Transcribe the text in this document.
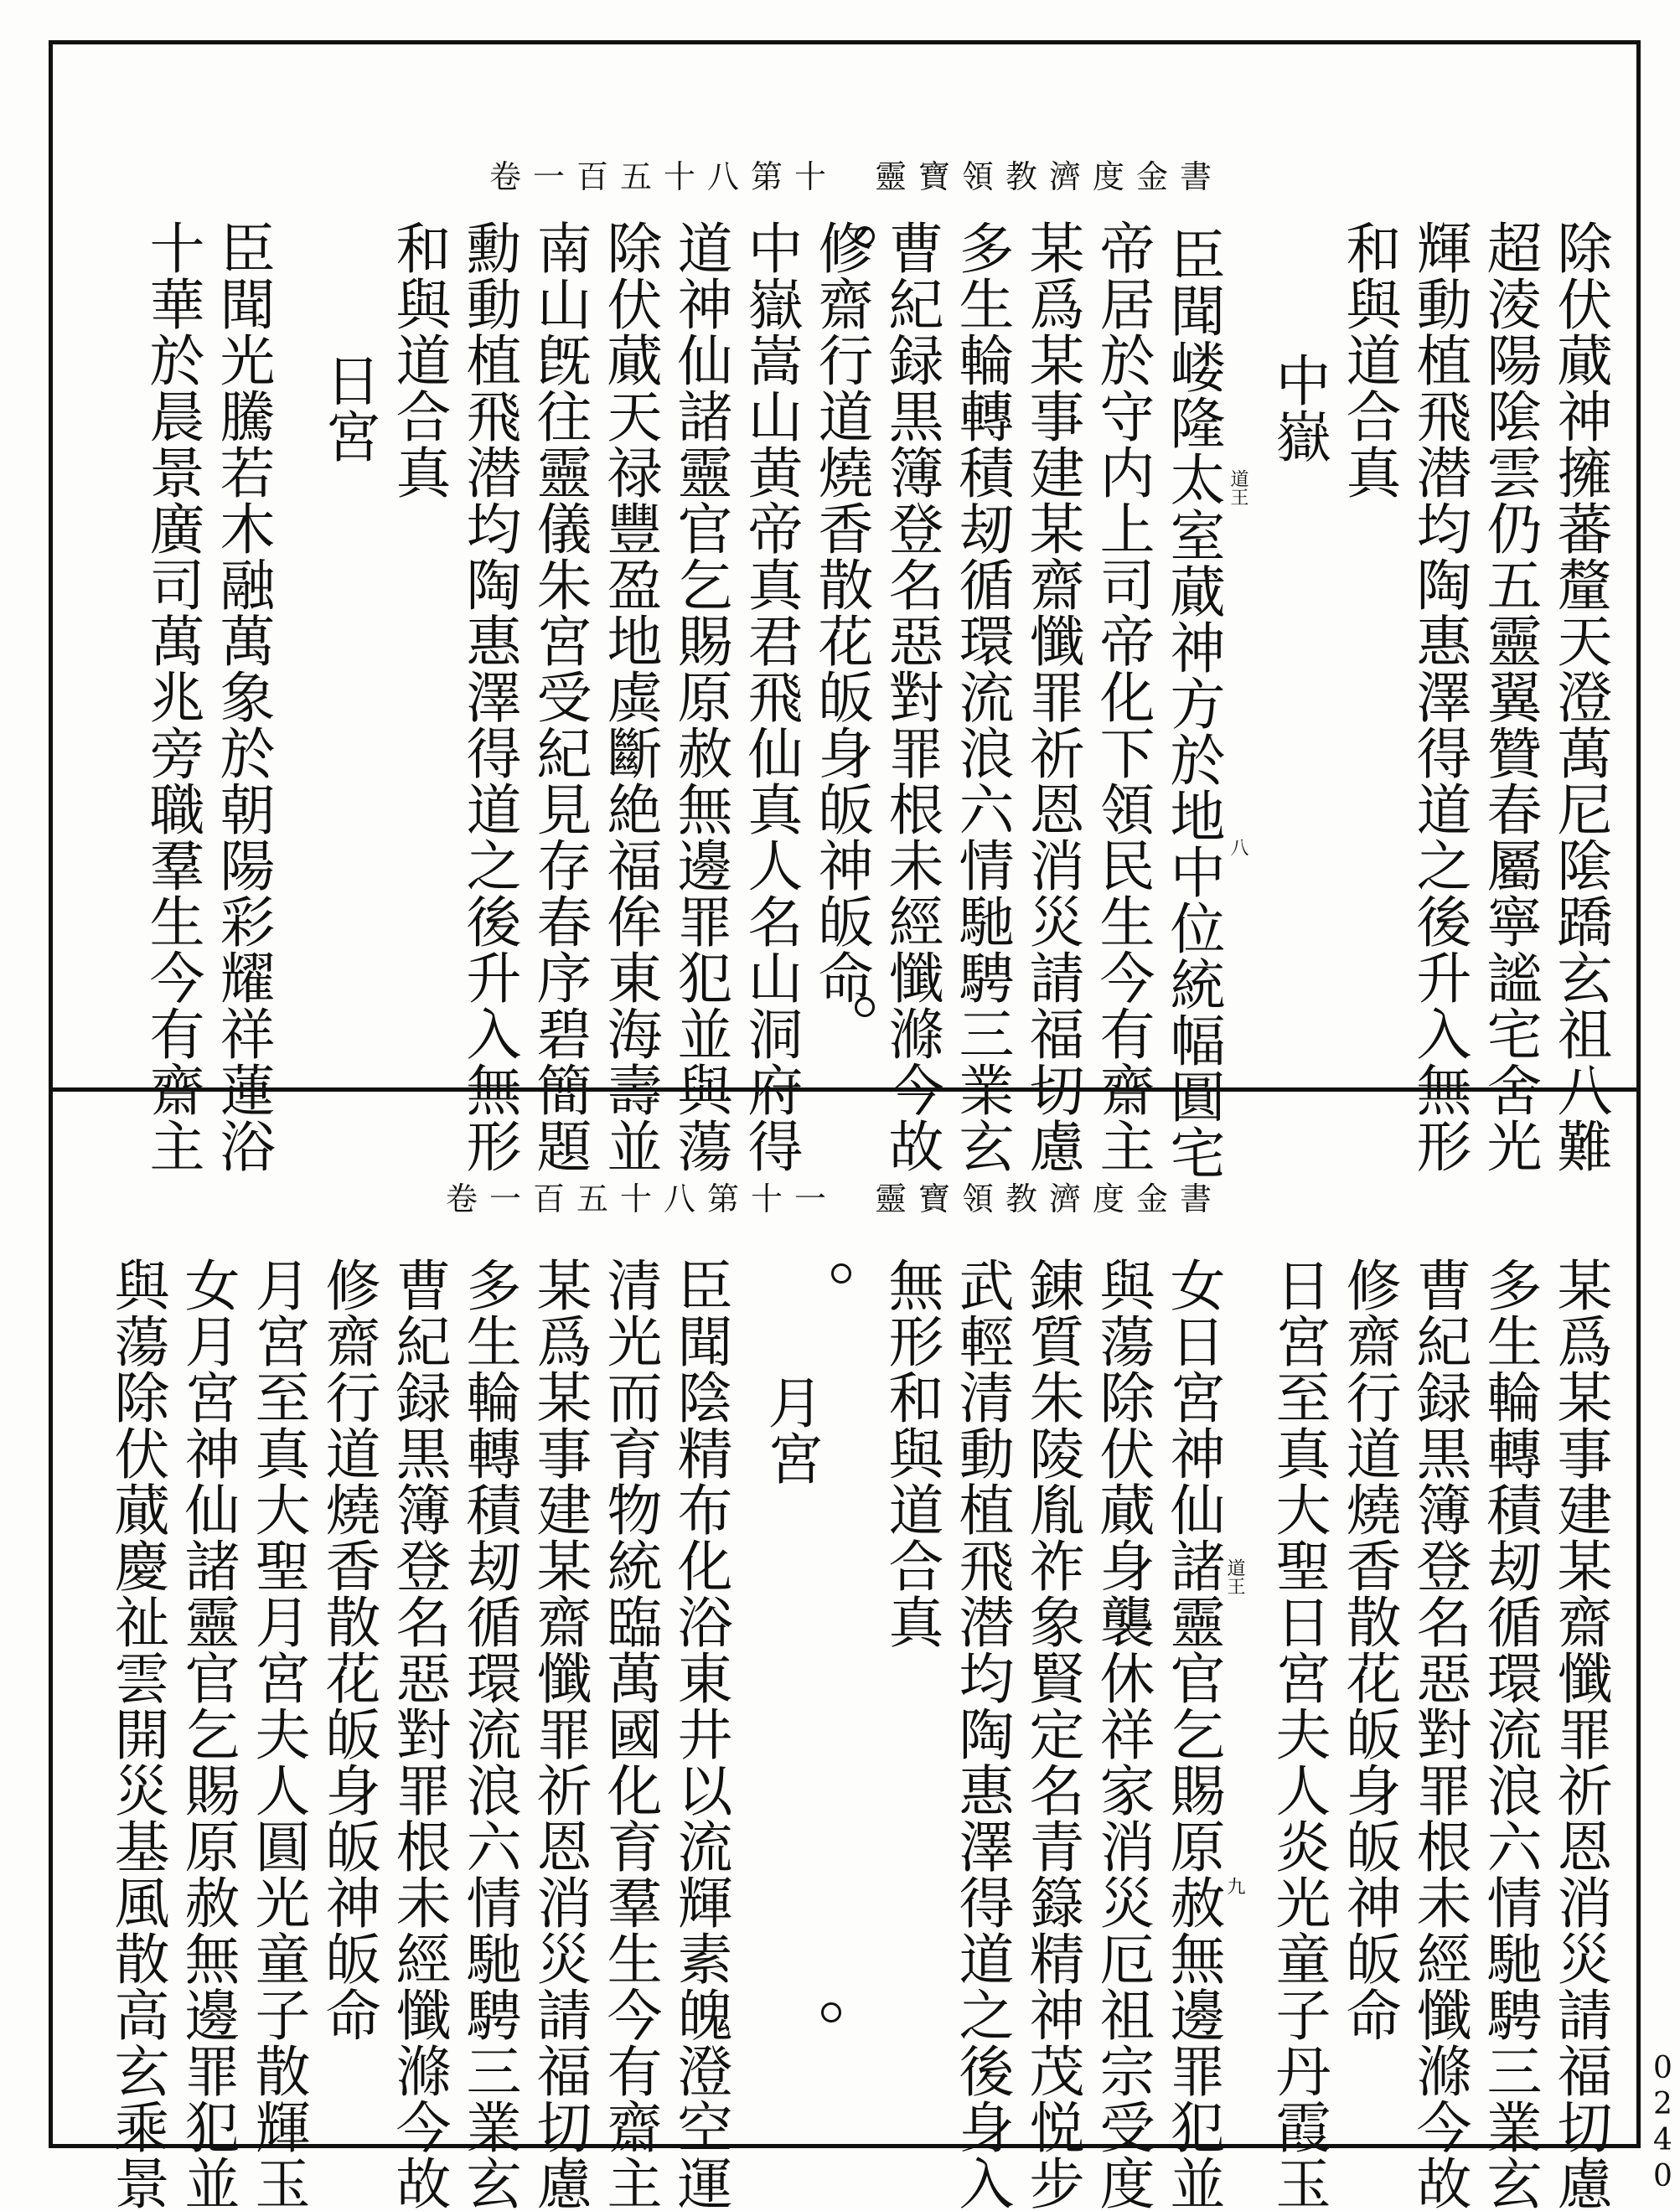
靈寶領教濟度金書
卷一百五十八第十
除伏蕆神擁蕃釐天澄萬尼隂蹻玄祖八難
超淩陽隂雲仍五靈翼贊春屬寧謐宅舍光
輝動植飛潜均陶惠澤得道之後升入無形
和與道合真
中嶽
臣聞嵝隆太室蕆神方於地中位統幅圓宅
帝居於守内上司帝化下領民生今有齋主
某爲某事建某齋懺罪祈恩消災請福切慮
多生輪轉積刼循環流浪六情馳騁三業玄
曹紀録黒簿登名惡對罪根未經懺滌今故
修齋行道燒香散花皈身皈神皈命
中嶽嵩山黄帝真君飛仙真人名山洞府得
道神仙諸靈官乞賜原赦無邊罪犯並與蕩
除伏蕆天禄豐盈地虡斷絶福侔東海壽並
南山旣往靈儀朱宮受紀見存春序碧簡題
勳動植飛潜均陶惠澤得道之後升入無形
和與道合真
日宮
臣聞光騰若木融萬象於朝陽彩耀祥蓮浴
十華於晨景廣司萬兆旁職羣生今有齋主	道王
八
靈寶領教濟度金書
卷一百五十八第十一
某爲某事建某齋懺罪祈恩消災請福切慮
多生輪轉積刼循環流浪六情馳騁三業玄
曹紀録黒簿登名惡對罪根未經懺滌今故
修齋行道燒香散花皈身皈神皈命
日宮至真大聖日宮夫人炎光童子丹霞玉
女日宮神仙諸靈官乞賜原赦無邊罪犯並
與蕩除伏蕆身襲休祥家消災厄祖宗受度
錬質朱陵胤祚象賢定名青籙精神茂悦步
武輕清動植飛潜均陶惠澤得道之後身入
無形和與道合真
月宮
臣聞陰精布化浴東井以流輝素魄澄空運
清光而育物統臨萬國化育羣生今有齋主
某爲某事建某齋懺罪祈恩消災請福切慮
多生輪轉積刼循環流浪六情馳騁三業玄
曹紀録黒簿登名惡對罪根未經懺滌今故
修齋行道燒香散花皈身皈神皈命
月宮至真大聖月宮夫人圓光童子散輝玉
女月宮神仙諸靈官乞賜原赦無邊罪犯並
與蕩除伏蕆慶祉雲開災基風散高玄乘景	道王
九
0240
